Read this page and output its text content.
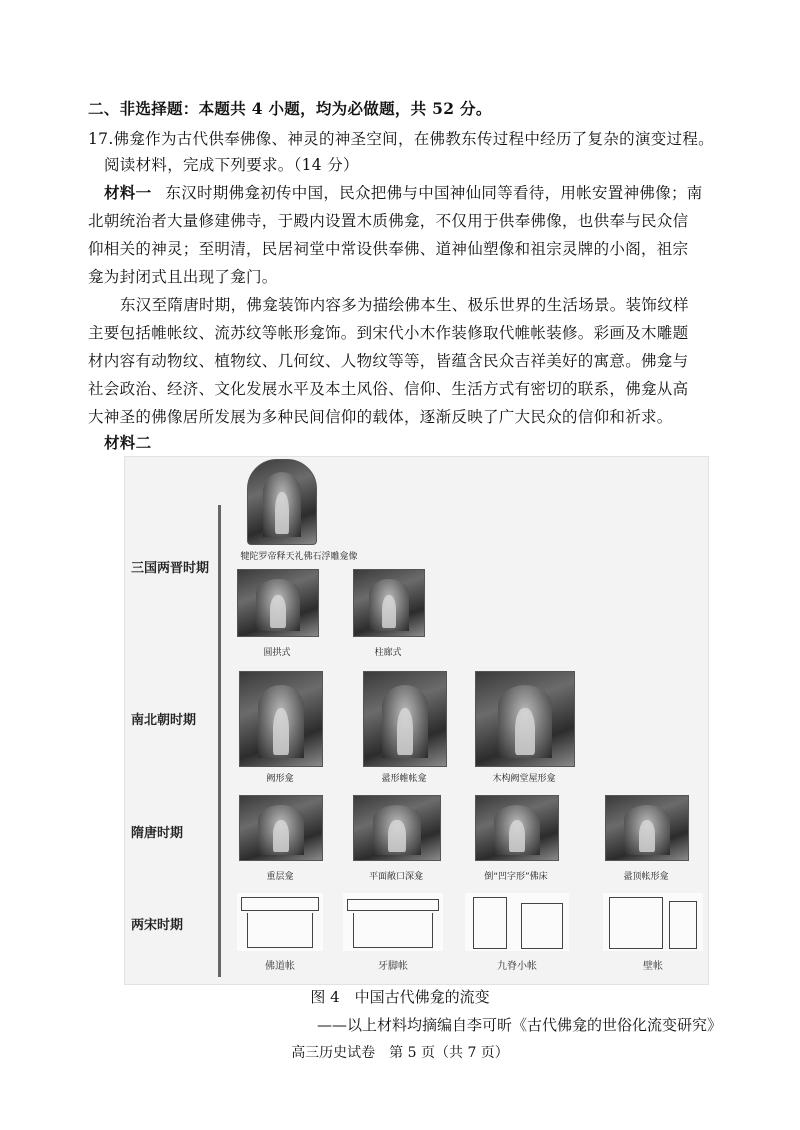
二、非选择题：本题共 4 小题，均为必做题，共 52 分。
17.佛龛作为古代供奉佛像、神灵的神圣空间，在佛教东传过程中经历了复杂的演变过程。
阅读材料，完成下列要求。（14 分）
材料一 东汉时期佛龛初传中国，民众把佛与中国神仙同等看待，用帐安置神佛像；南
北朝统治者大量修建佛寺，于殿内设置木质佛龛，不仅用于供奉佛像，也供奉与民众信
仰相关的神灵；至明清，民居祠堂中常设供奉佛、道神仙塑像和祖宗灵牌的小阁，祖宗
龛为封闭式且出现了龛门。
东汉至隋唐时期，佛龛装饰内容多为描绘佛本生、极乐世界的生活场景。装饰纹样
主要包括帷帐纹、流苏纹等帐形龛饰。到宋代小木作装修取代帷帐装修。彩画及木雕题
材内容有动物纹、植物纹、几何纹、人物纹等等，皆蕴含民众吉祥美好的寓意。佛龛与
社会政治、经济、文化发展水平及本土风俗、信仰、生活方式有密切的联系，佛龛从高
大神圣的佛像居所发展为多种民间信仰的载体，逐渐反映了广大民众的信仰和祈求。
材料二
三国两晋时期
南北朝时期
隋唐时期
两宋时期
犍陀罗帝释天礼佛石浮雕龛像
圆拱式	柱廊式
阙形龛	盝形帷帐龛	木构阙堂屋形龛
重层龛	平面敞口深龛	倒“凹字形”佛床	盝顶帐形龛
佛道帐	牙脚帐	九脊小帐	壁帐
图 4　中国古代佛龛的流变
——以上材料均摘编自李可昕《古代佛龛的世俗化流变研究》
高三历史试卷　第 5 页（共 7 页）
